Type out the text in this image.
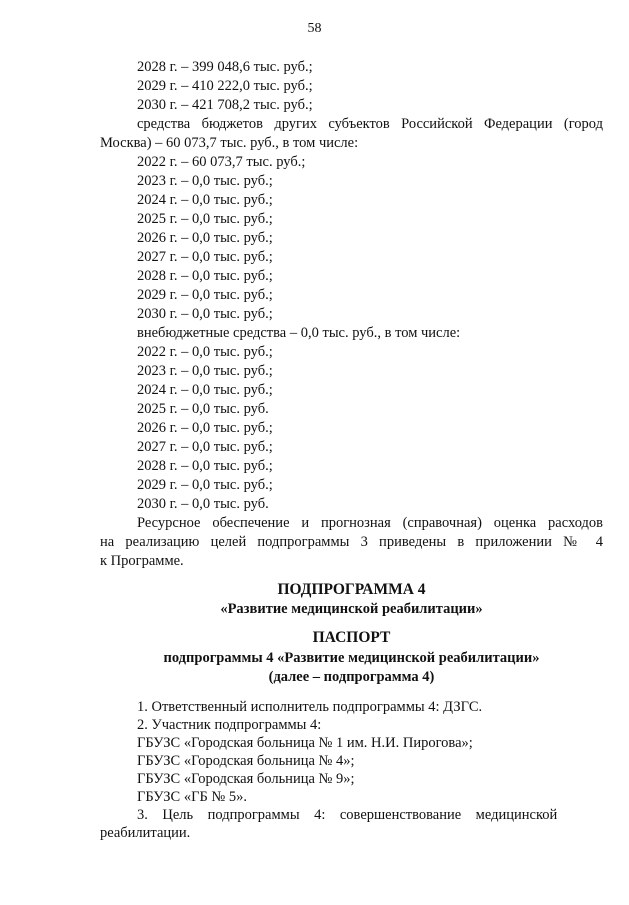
58
2028 г. – 399 048,6 тыс. руб.;
2029 г. – 410 222,0 тыс. руб.;
2030 г. – 421 708,2 тыс. руб.;
средства бюджетов других субъектов Российской Федерации (город
Москва) – 60 073,7 тыс. руб., в том числе:
2022 г. – 60 073,7 тыс. руб.;
2023 г. – 0,0 тыс. руб.;
2024 г. – 0,0 тыс. руб.;
2025 г. – 0,0 тыс. руб.;
2026 г. – 0,0 тыс. руб.;
2027 г. – 0,0 тыс. руб.;
2028 г. – 0,0 тыс. руб.;
2029 г. – 0,0 тыс. руб.;
2030 г. – 0,0 тыс. руб.;
внебюджетные средства – 0,0 тыс. руб., в том числе:
2022 г. – 0,0 тыс. руб.;
2023 г. – 0,0 тыс. руб.;
2024 г. – 0,0 тыс. руб.;
2025 г. – 0,0 тыс. руб.
2026 г. – 0,0 тыс. руб.;
2027 г. – 0,0 тыс. руб.;
2028 г. – 0,0 тыс. руб.;
2029 г. – 0,0 тыс. руб.;
2030 г. – 0,0 тыс. руб.
Ресурсное обеспечение и прогнозная (справочная) оценка расходов
на реализацию целей подпрограммы 3 приведены в приложении № 4
к Программе.
ПОДПРОГРАММА 4
«Развитие медицинской реабилитации»
ПАСПОРТ
подпрограммы 4 «Развитие медицинской реабилитации»
(далее – подпрограмма 4)
1. Ответственный исполнитель подпрограммы 4: ДЗГС.
2. Участник подпрограммы 4:
ГБУЗС «Городская больница № 1 им. Н.И. Пирогова»;
ГБУЗС «Городская больница № 4»;
ГБУЗС «Городская больница № 9»;
ГБУЗС «ГБ № 5».
3.    Цель    подпрограммы    4:    совершенствование    медицинской
реабилитации.
